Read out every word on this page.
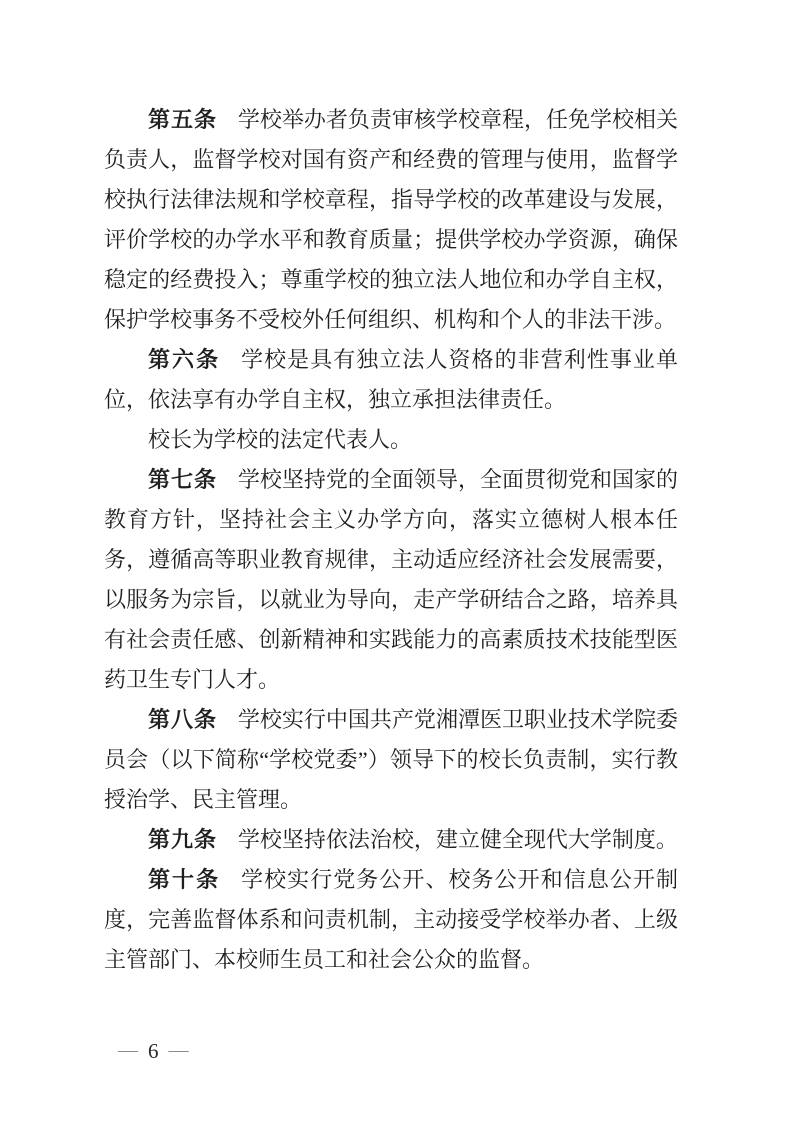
第五条 学校举办者负责审核学校章程，任免学校相关负责人，监督学校对国有资产和经费的管理与使用，监督学校执行法律法规和学校章程，指导学校的改革建设与发展，评价学校的办学水平和教育质量；提供学校办学资源，确保稳定的经费投入；尊重学校的独立法人地位和办学自主权，保护学校事务不受校外任何组织、机构和个人的非法干涉。

第六条 学校是具有独立法人资格的非营利性事业单位，依法享有办学自主权，独立承担法律责任。

校长为学校的法定代表人。

第七条 学校坚持党的全面领导，全面贯彻党和国家的教育方针，坚持社会主义办学方向，落实立德树人根本任务，遵循高等职业教育规律，主动适应经济社会发展需要，以服务为宗旨，以就业为导向，走产学研结合之路，培养具有社会责任感、创新精神和实践能力的高素质技术技能型医药卫生专门人才。

第八条 学校实行中国共产党湘潭医卫职业技术学院委员会（以下简称“学校党委”）领导下的校长负责制，实行教授治学、民主管理。

第九条 学校坚持依法治校，建立健全现代大学制度。

第十条 学校实行党务公开、校务公开和信息公开制度，完善监督体系和问责机制，主动接受学校举办者、上级主管部门、本校师生员工和社会公众的监督。

— 6 —
